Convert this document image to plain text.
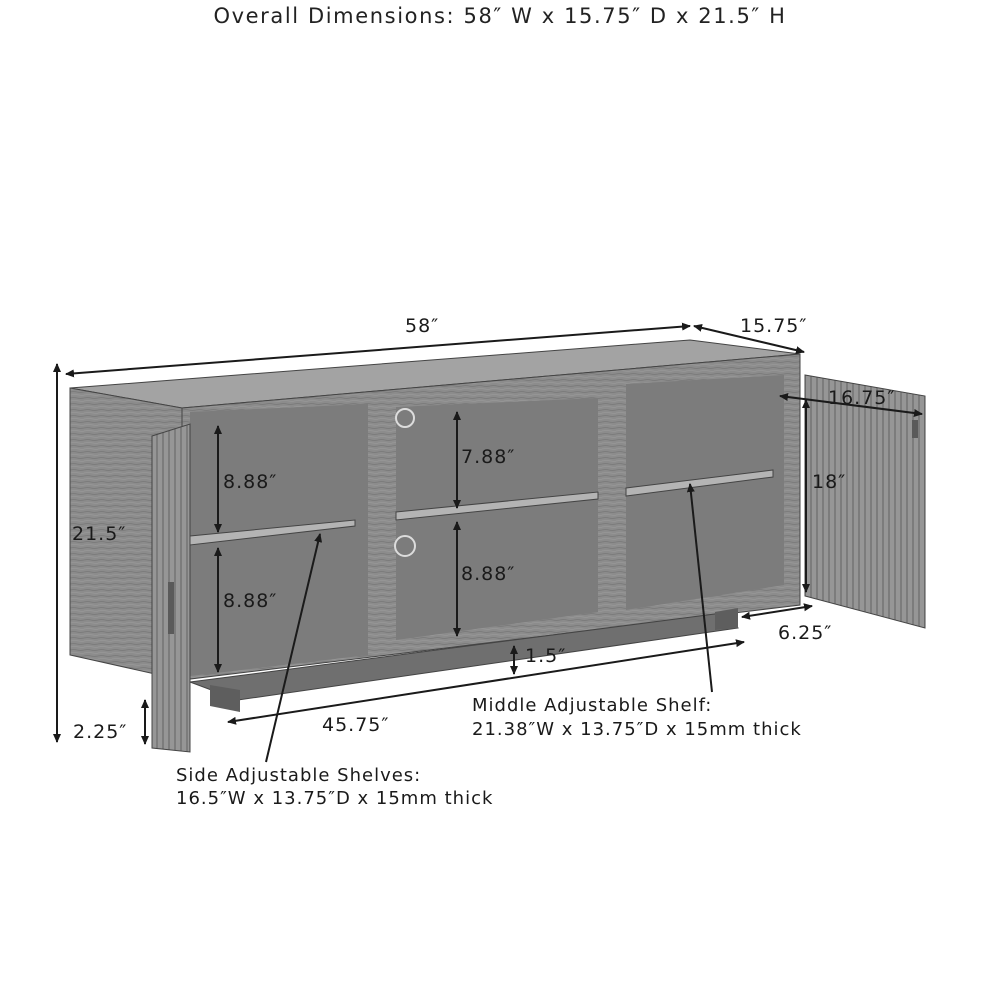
Overall Dimensions: 58″ W x 15.75″ D x 21.5″ H
58″	15.75″
21.5″
2.25″
16.75″
18″
8.88″
8.88″
7.88″
8.88″
6.25″
1.5″
45.75″
Middle Adjustable Shelf:
21.38″W x 13.75″D x 15mm thick
Side Adjustable Shelves:
16.5″W x 13.75″D x 15mm thick
